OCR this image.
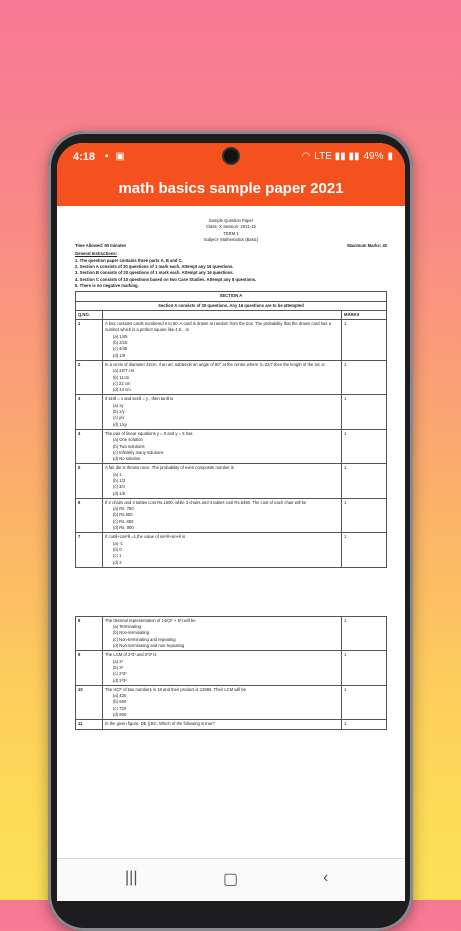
4:18 ▪ ▣	◠ LTE ▮▮ ▮▮ 49% ▮
math basics sample paper 2021
Sample Question Paper
Class- X Session- 2021-22
TERM 1
Subject- Mathematics (Basic)
Time Allowed: 90 minutes	Maximum Marks: 40
General Instructions:
1. The question paper contains three parts A, B and C.
2. Section A consists of 20 questions of 1 mark each. Attempt any 16 questions.
3. Section B consists of 20 questions of 1 mark each. Attempt any 16 questions.
4. Section C consists of 10 questions based on two Case Studies. Attempt any 8 questions.
5. There is no negative marking.
SECTION A		
Section A consists of 20 questions. Any 16 questions are to be attempted		
Q.NO.		MARKS
1	A box contains cards numbered 6 to 50. A card is drawn at random from the box. The probability that the drawn card has a number which is a perfect square like 4,9....is
(a) 1/45
(b) 2/15
(c) 4/45
(d) 1/9	1
2	In a circle of diameter 42cm, if an arc subtends an angle of 60° at the centre where π=22/7,then the length of the arc is
(a) 22/7 cm
(b) 11cm
(c) 22 cm
(d) 44 cm	1
3	If sinθ = x and secθ = y , then tanθ is
(a) xy
(b) x/y
(c) y/x
(d) 1/xy	1
4	The pair of linear equations y = 0 and y = 5 has
(a) One solution
(b) Two solutions
(c) Infinitely many solutions
(d) No solution	1
5	A fair die is thrown once. The probability of even composite number is
(a) 1
(b) 1/3
(c) 3/4
(d) 1/6	1
6	If 2 chairs and 3 tables cost Rs.1500, while 3 chairs and 3 tables cost Rs.6450. The cost of each chair will be
(a) Rs. 750
(b) Rs.600
(c) Rs. 850
(d) Rs. 900	1
7	If cosθ+cos²θ =1,the value of sin²θ+sin⁴θ is
(a) -1
(b) 0
(c) 1
(d) 2	1
8	The decimal representation of 14/(2⁵ × 5²) will be
(a) Terminating
(b) Non-terminating
(c) Non-terminating and repeating
(d) Non-terminating and non-repeating	1
9	The LCM of 2³3² and 2²3³ is
(a) 2³
(b) 3³
(c) 2³3³
(d) 2²3²	1
10	The HCF of two numbers is 18 and their product is 12960. Their LCM will be
(a) 420
(b) 600
(c) 720
(d) 800	1
11	In the given figure, DE || BC. Which of the following is true?	1
|||	▢	‹
